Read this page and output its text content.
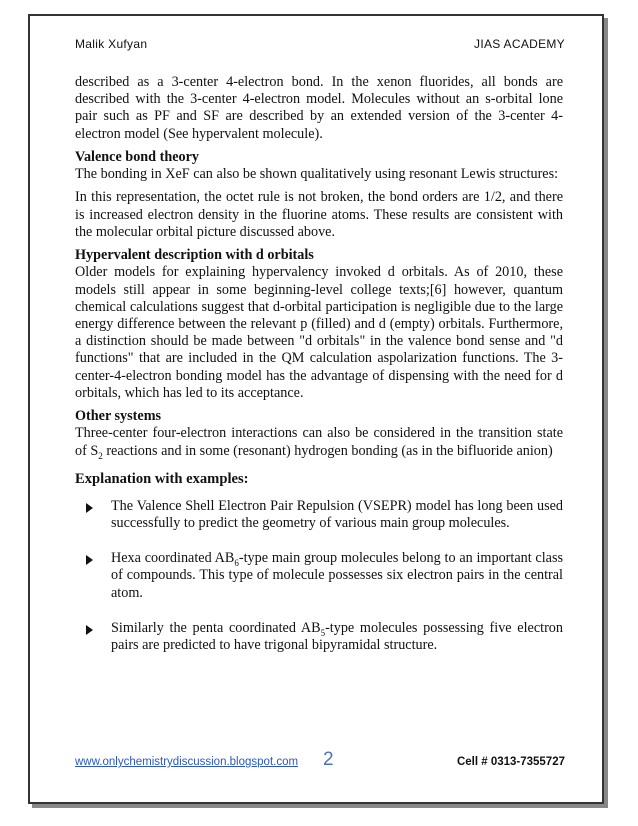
Malik Xufyan	JIAS ACADEMY

described as a 3-center 4-electron bond. In the xenon fluorides, all bonds are described with the 3-center 4-electron model. Molecules without an s-orbital lone pair such as PF and SF are described by an extended version of the 3-center 4-electron model (See hypervalent molecule).

Valence bond theory

The bonding in XeF can also be shown qualitatively using resonant Lewis structures:

In this representation, the octet rule is not broken, the bond orders are 1/2, and there is increased electron density in the fluorine atoms. These results are consistent with the molecular orbital picture discussed above.

Hypervalent description with d orbitals

Older models for explaining hypervalency invoked d orbitals. As of 2010, these models still appear in some beginning-level college texts;[6] however, quantum chemical calculations suggest that d-orbital participation is negligible due to the large energy difference between the relevant p (filled) and d (empty) orbitals. Furthermore, a distinction should be made between "d orbitals" in the valence bond sense and "d functions" that are included in the QM calculation aspolarization functions. The 3-center-4-electron bonding model has the advantage of dispensing with the need for d orbitals, which has led to its acceptance.

Other systems

Three-center four-electron interactions can also be considered in the transition state of $S_2$ reactions and in some (resonant) hydrogen bonding (as in the bifluoride anion)

Explanation with examples:
The Valence Shell Electron Pair Repulsion (VSEPR) model has long been used successfully to predict the geometry of various main group molecules.
Hexa coordinated $AB_6$-type main group molecules belong to an important class of compounds. This type of molecule possesses six electron pairs in the central atom.
Similarly the penta coordinated $AB_5$-type molecules possessing five electron pairs are predicted to have trigonal bipyramidal structure.
www.onlychemistrydiscussion.blogspot.com 2	Cell # 0313-7355727
